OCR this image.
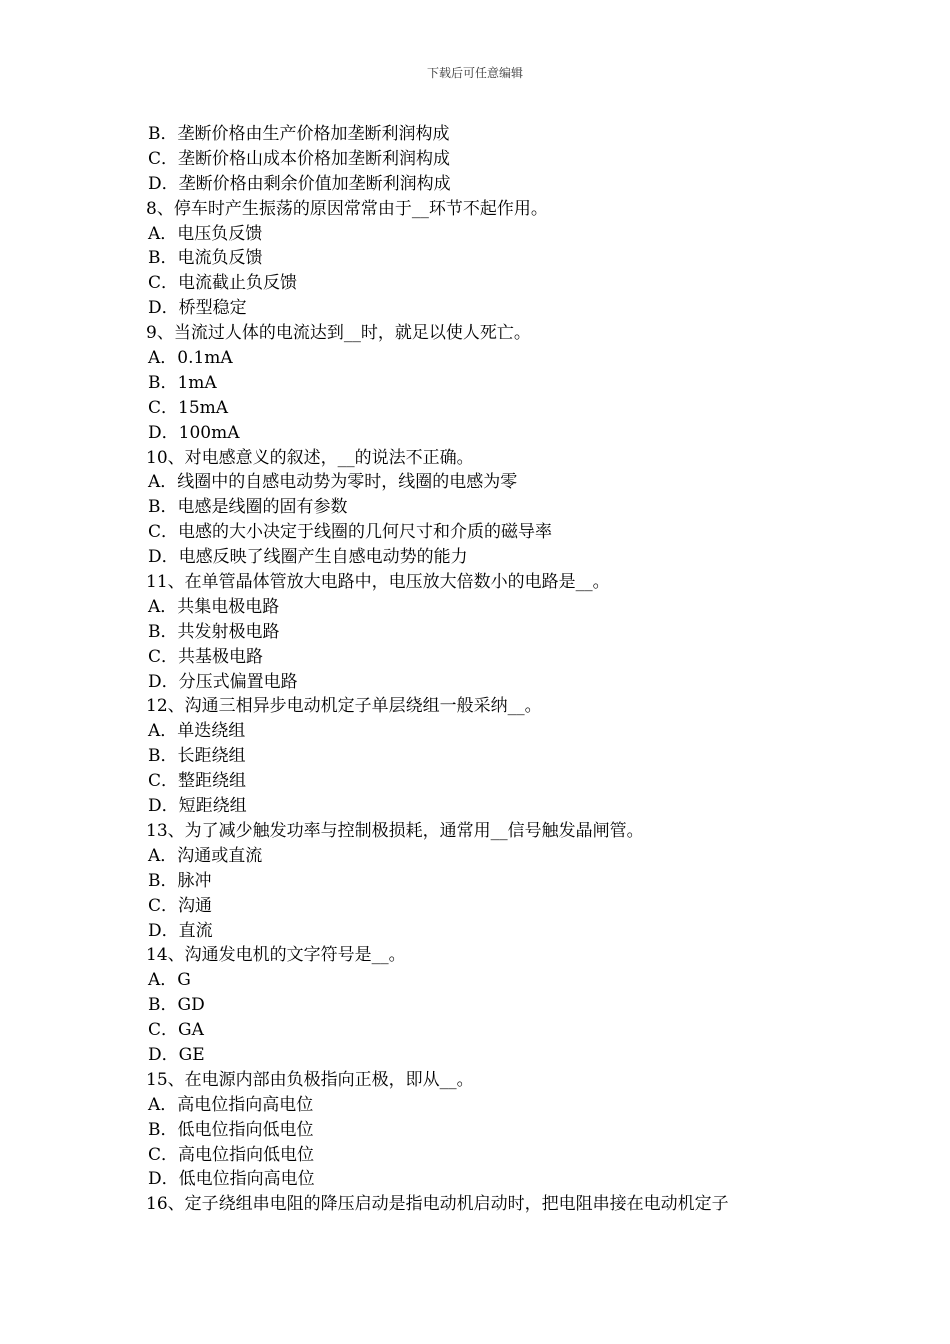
下载后可任意编辑
B．垄断价格由生产价格加垄断利润构成
C．垄断价格山成本价格加垄断利润构成
D．垄断价格由剩余价值加垄断利润构成
8、停车时产生振荡的原因常常由于__环节不起作用。
A．电压负反馈
B．电流负反馈
C．电流截止负反馈
D．桥型稳定
9、当流过人体的电流达到__时，就足以使人死亡。
A．0.1mA
B．1mA
C．15mA
D．100mA
10、对电感意义的叙述，__的说法不正确。
A．线圈中的自感电动势为零时，线圈的电感为零
B．电感是线圈的固有参数
C．电感的大小决定于线圈的几何尺寸和介质的磁导率
D．电感反映了线圈产生自感电动势的能力
11、在单管晶体管放大电路中，电压放大倍数小的电路是__。
A．共集电极电路
B．共发射极电路
C．共基极电路
D．分压式偏置电路
12、沟通三相异步电动机定子单层绕组一般采纳__。
A．单迭绕组
B．长距绕组
C．整距绕组
D．短距绕组
13、为了减少触发功率与控制极损耗，通常用__信号触发晶闸管。
A．沟通或直流
B．脉冲
C．沟通
D．直流
14、沟通发电机的文字符号是__。
A．G
B．GD
C．GA
D．GE
15、在电源内部由负极指向正极，即从__。
A．高电位指向高电位
B．低电位指向低电位
C．高电位指向低电位
D．低电位指向高电位
16、定子绕组串电阻的降压启动是指电动机启动时，把电阻串接在电动机定子
